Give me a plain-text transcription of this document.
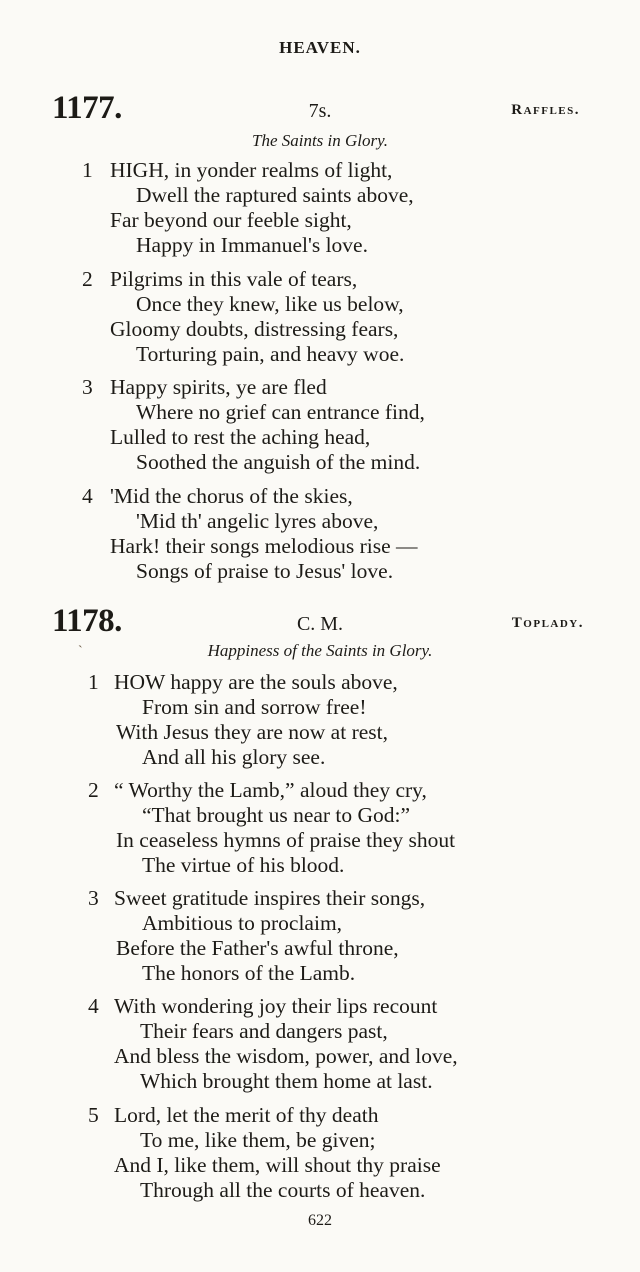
HEAVEN.
1177.	7s.	Raffles.
The Saints in Glory.
1 HIGH, in yonder realms of light,
Dwell the raptured saints above,
Far beyond our feeble sight,
Happy in Immanuel's love.
2 Pilgrims in this vale of tears,
Once they knew, like us below,
Gloomy doubts, distressing fears,
Torturing pain, and heavy woe.
3 Happy spirits, ye are fled
Where no grief can entrance find,
Lulled to rest the aching head,
Soothed the anguish of the mind.
4 'Mid the chorus of the skies,
'Mid th' angelic lyres above,
Hark! their songs melodious rise —
Songs of praise to Jesus' love.
1178.	C. M.	Toplady.
ˋ	Happiness of the Saints in Glory.
1 HOW happy are the souls above,
From sin and sorrow free!
With Jesus they are now at rest,
And all his glory see.
2 “ Worthy the Lamb,” aloud they cry,
“That brought us near to God:”
In ceaseless hymns of praise they shout
The virtue of his blood.
3 Sweet gratitude inspires their songs,
Ambitious to proclaim,
Before the Father's awful throne,
The honors of the Lamb.
4 With wondering joy their lips recount
Their fears and dangers past,
And bless the wisdom, power, and love,
Which brought them home at last.
5 Lord, let the merit of thy death
To me, like them, be given;
And I, like them, will shout thy praise
Through all the courts of heaven.
622
